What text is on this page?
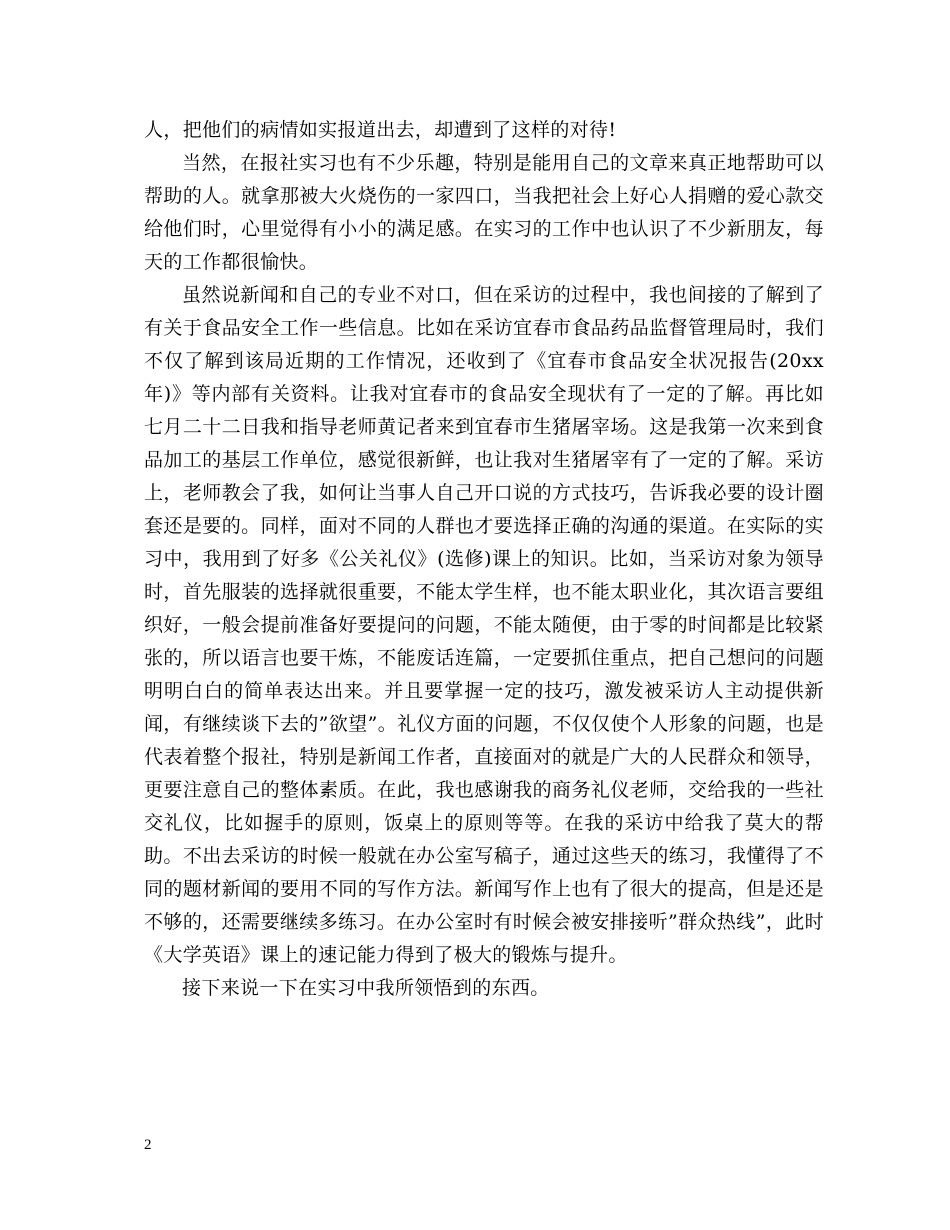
人，把他们的病情如实报道出去，却遭到了这样的对待!

当然，在报社实习也有不少乐趣，特别是能用自己的文章来真正地帮助可以帮助的人。就拿那被大火烧伤的一家四口，当我把社会上好心人捐赠的爱心款交给他们时，心里觉得有小小的满足感。在实习的工作中也认识了不少新朋友，每天的工作都很愉快。

虽然说新闻和自己的专业不对口，但在采访的过程中，我也间接的了解到了有关于食品安全工作一些信息。比如在采访宜春市食品药品监督管理局时，我们不仅了解到该局近期的工作情况，还收到了《宜春市食品安全状况报告(20xx年)》等内部有关资料。让我对宜春市的食品安全现状有了一定的了解。再比如七月二十二日我和指导老师黄记者来到宜春市生猪屠宰场。这是我第一次来到食品加工的基层工作单位，感觉很新鲜，也让我对生猪屠宰有了一定的了解。采访上，老师教会了我，如何让当事人自己开口说的方式技巧，告诉我必要的设计圈套还是要的。同样，面对不同的人群也才要选择正确的沟通的渠道。在实际的实习中，我用到了好多《公关礼仪》(选修)课上的知识。比如，当采访对象为领导时，首先服装的选择就很重要，不能太学生样，也不能太职业化，其次语言要组织好，一般会提前准备好要提问的问题，不能太随便，由于零的时间都是比较紧张的，所以语言也要干炼，不能废话连篇，一定要抓住重点，把自己想问的问题明明白白的简单表达出来。并且要掌握一定的技巧，激发被采访人主动提供新闻，有继续谈下去的”欲望”。礼仪方面的问题，不仅仅使个人形象的问题，也是代表着整个报社，特别是新闻工作者，直接面对的就是广大的人民群众和领导，更要注意自己的整体素质。在此，我也感谢我的商务礼仪老师，交给我的一些社交礼仪，比如握手的原则，饭桌上的原则等等。在我的采访中给我了莫大的帮助。不出去采访的时候一般就在办公室写稿子，通过这些天的练习，我懂得了不同的题材新闻的要用不同的写作方法。新闻写作上也有了很大的提高，但是还是不够的，还需要继续多练习。在办公室时有时候会被安排接听”群众热线”，此时《大学英语》课上的速记能力得到了极大的锻炼与提升。

接下来说一下在实习中我所领悟到的东西。

2
